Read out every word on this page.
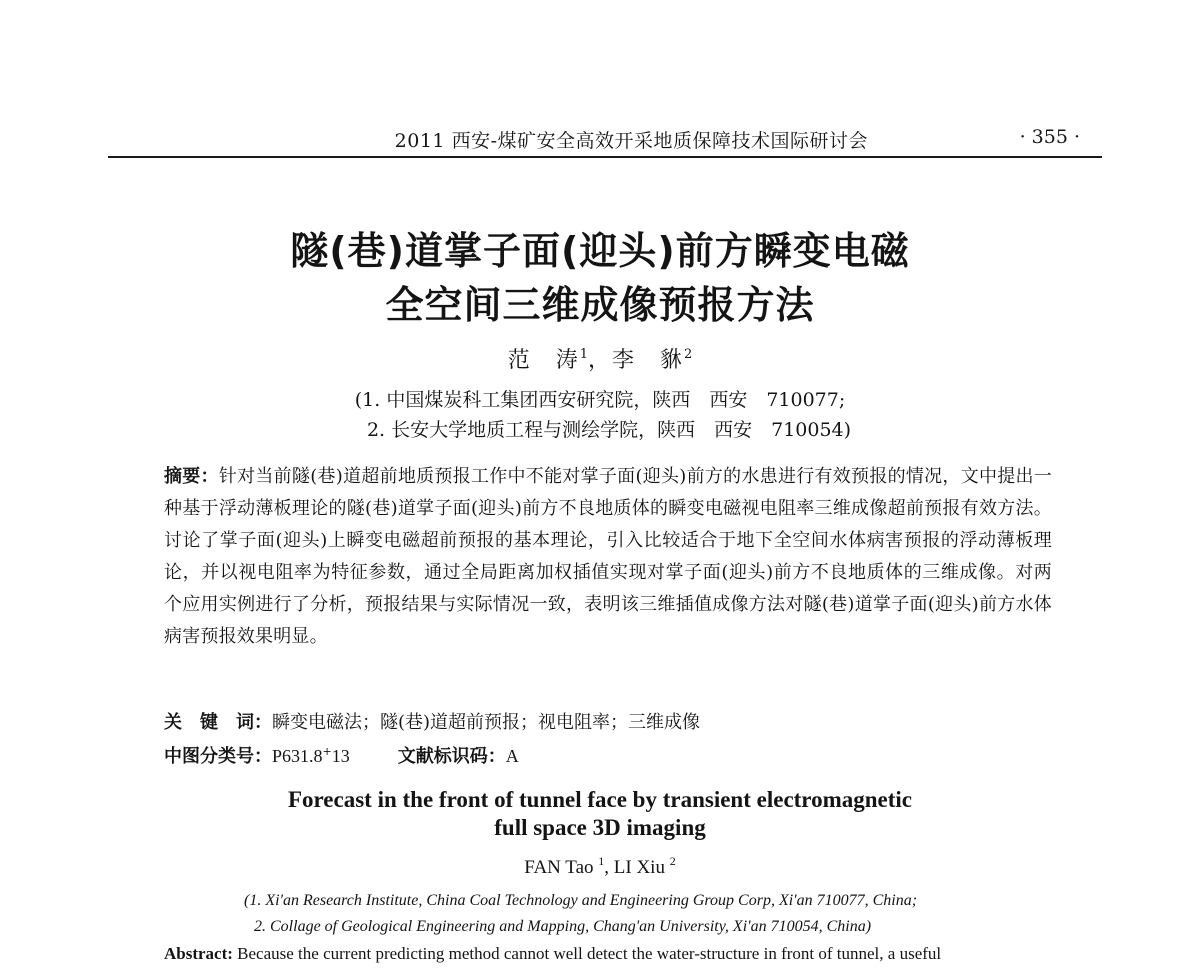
2011 西安-煤矿安全高效开采地质保障技术国际研讨会	· 355 ·
隧(巷)道掌子面(迎头)前方瞬变电磁
全空间三维成像预报方法
范　涛$^1$，李　貅$^2$
(1. 中国煤炭科工集团西安研究院，陕西　西安　710077;
2. 长安大学地质工程与测绘学院，陕西　西安　710054)
摘要：针对当前隧(巷)道超前地质预报工作中不能对掌子面(迎头)前方的水患进行有效预报的情况，文中提出一种基于浮动薄板理论的隧(巷)道掌子面(迎头)前方不良地质体的瞬变电磁视电阻率三维成像超前预报有效方法。讨论了掌子面(迎头)上瞬变电磁超前预报的基本理论，引入比较适合于地下全空间水体病害预报的浮动薄板理论，并以视电阻率为特征参数，通过全局距离加权插值实现对掌子面(迎头)前方不良地质体的三维成像。对两个应用实例进行了分析，预报结果与实际情况一致，表明该三维插值成像方法对隧(巷)道掌子面(迎头)前方水体病害预报效果明显。
关　键　词：瞬变电磁法；隧(巷)道超前预报；视电阻率；三维成像
中图分类号：P631.8+13	文献标识码：A
Forecast in the front of tunnel face by transient electromagnetic
full space 3D imaging
FAN Tao $^1$, LI Xiu $^2$
(1. Xi'an Research Institute, China Coal Technology and Engineering Group Corp, Xi'an 710077, China;
2. Collage of Geological Engineering and Mapping, Chang'an University, Xi'an 710054, China)
Abstract: Because the current predicting method cannot well detect the water-structure in front of tunnel, a useful
